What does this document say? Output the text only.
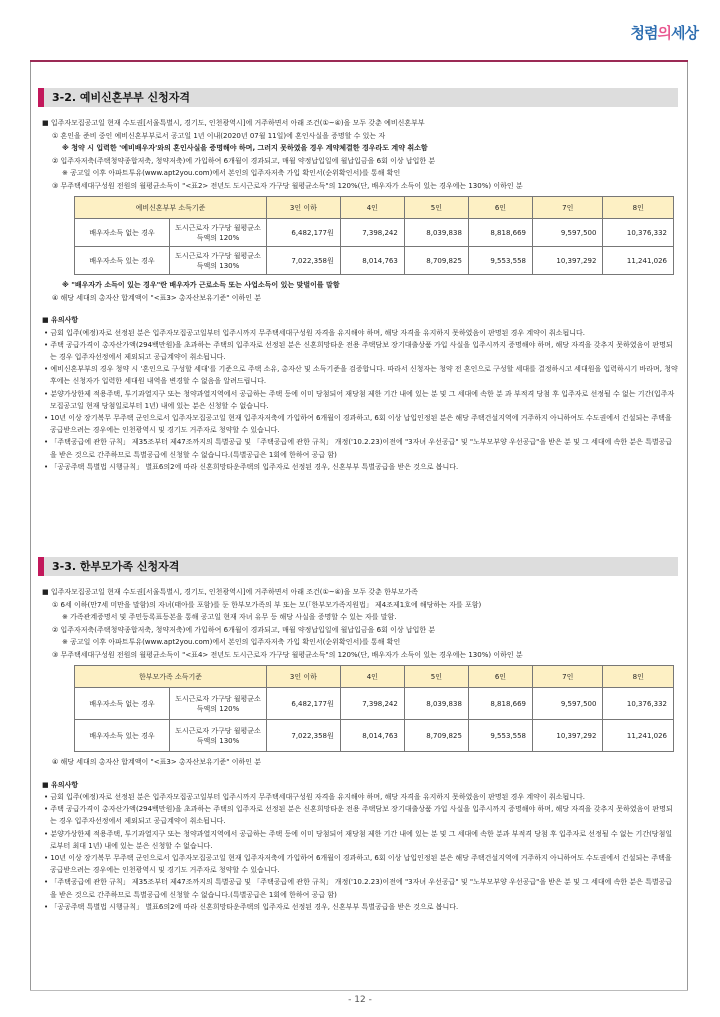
청렴의세상
3-2. 예비신혼부부 신청자격
■ 입주자모집공고일 현재 수도권[서울특별시, 경기도, 인천광역시]에 거주하면서 아래 조건(①~④)을 모두 갖춘 예비신혼부부
① 혼인을 준비 중인 예비신혼부부로서 공고일 1년 이내(2020년 07월 11일)에 혼인사실을 증명할 수 있는 자
※ 청약 시 입력한 '예비배우자'와의 혼인사실을 증명해야 하며, 그러지 못하였을 경우 계약체결한 경우라도 계약 취소함
② 입주자저축(주택청약종합저축, 청약저축)에 가입하여 6개월이 경과되고, 매월 약정납입일에 월납입금을 6회 이상 납입한 분
※ 공고일 이후 아파트투유(www.apt2you.com)에서 본인의 입주자저축 가입 확인서(순위확인서)를 통해 확인
③ 무주택세대구성원 전원의 월평균소득이 "<표2> 전년도 도시근로자 가구당 월평균소득"의 120%(단, 배우자가 소득이 있는 경우에는 130%) 이하인 분
예비신혼부부 소득기준		3인 이하	4인	5인	6인	7인	8인
배우자소득 없는 경우	도시근로자 가구당 월평균소득액의 120%	6,482,177원	7,398,242	8,039,838	8,818,669	9,597,500	10,376,332
배우자소득 있는 경우	도시근로자 가구당 월평균소득액의 130%	7,022,358원	8,014,763	8,709,825	9,553,558	10,397,292	11,241,026
※ "배우자가 소득이 있는 경우"란 배우자가 근로소득 또는 사업소득이 있는 맞벌이를 말함
④ 해당 세대의 총자산 합계액이 "<표3> 총자산보유기준" 이하인 분
■ 유의사항
• 금회 입주(예정)자로 선정된 분은 입주자모집공고일부터 입주시까지 무주택세대구성원 자격을 유지해야 하며, 해당 자격을 유지하지 못하였음이 판명된 경우 계약이 취소됩니다.
• 주택 공급가격이 총자산가액(294백만원)을 초과하는 주택의 입주자로 선정된 분은 신혼희망타운 전용 주택담보 장기대출상품 가입 사실을 입주시까지 증명해야 하며, 해당 자격을 갖추지 못하였음이 판명되는 경우 입주자선정에서 제외되고 공급계약이 취소됩니다.
• 예비신혼부부의 경우 청약 시 '혼인으로 구성할 세대'를 기준으로 주택 소유, 총자산 및 소득기준을 검증합니다. 따라서 신청자는 청약 전 혼인으로 구성할 세대를 결정하시고 세대원을 입력하시기 바라며, 청약 후에는 신청자가 입력한 세대원 내역을 변경할 수 없음을 알려드립니다.
• 분양가상한제 적용주택, 투기과열지구 또는 청약과열지역에서 공급하는 주택 등에 이미 당첨되어 재당첨 제한 기간 내에 있는 분 및 그 세대에 속한 분 과 부적격 당첨 후 입주자로 선정될 수 없는 기간(입주자모집공고일 현재 당첨일로부터 1년) 내에 있는 분은 신청할 수 없습니다.
• 10년 이상 장기복무 무주택 군인으로서 입주자모집공고일 현재 입주자저축에 가입하여 6개월이 경과하고, 6회 이상 납입인정된 분은 해당 주택건설지역에 거주하지 아니하여도 수도권에서 건설되는 주택을 공급받으려는 경우에는 인천광역시 및 경기도 거주자로 청약할 수 있습니다.
• 「주택공급에 관한 규칙」 제35조부터 제47조까지의 특별공급 및 「주택공급에 관한 규칙」 개정('10.2.23)이전에 "3자녀 우선공급" 및 "노부모부양 우선공급"을 받은 분 및 그 세대에 속한 분은 특별공급을 받은 것으로 간주하므로 특별공급에 신청할 수 없습니다.(특별공급은 1회에 한하여 공급 함)
• 「공공주택 특별법 시행규칙」 별표6의2에 따라 신혼희망타운주택의 입주자로 선정된 경우, 신혼부부 특별공급을 받은 것으로 봅니다.
3-3. 한부모가족 신청자격
■ 입주자모집공고일 현재 수도권[서울특별시, 경기도, 인천광역시]에 거주하면서 아래 조건(①~④)을 모두 갖춘 한부모가족
① 6세 이하(만7세 미만을 말함)의 자녀(태아를 포함)를 둔 한부모가족의 부 또는 모(「한부모가족지원법」 제4조제1호에 해당하는 자를 포함)
※ 가족관계증명서 및 주민등록표등본을 통해 공고일 현재 자녀 유무 등 해당 사실을 증명할 수 있는 자를 말함.
② 입주자저축(주택청약종합저축, 청약저축)에 가입하여 6개월이 경과되고, 매월 약정납입일에 월납입금을 6회 이상 납입한 분
※ 공고일 이후 아파트투유(www.apt2you.com)에서 본인의 입주자저축 가입 확인서(순위확인서)를 통해 확인
③ 무주택세대구성원 전원의 월평균소득이 "<표4> 전년도 도시근로자 가구당 월평균소득"의 120%(단, 배우자가 소득이 있는 경우에는 130%) 이하인 분
한부모가족 소득기준		3인 이하	4인	5인	6인	7인	8인
배우자소득 없는 경우	도시근로자 가구당 월평균소득액의 120%	6,482,177원	7,398,242	8,039,838	8,818,669	9,597,500	10,376,332
배우자소득 있는 경우	도시근로자 가구당 월평균소득액의 130%	7,022,358원	8,014,763	8,709,825	9,553,558	10,397,292	11,241,026
④ 해당 세대의 총자산 합계액이 "<표3> 총자산보유기준" 이하인 분
■ 유의사항
• 금회 입주(예정)자로 선정된 분은 입주자모집공고일부터 입주시까지 무주택세대구성원 자격을 유지해야 하며, 해당 자격을 유지하지 못하였음이 판명된 경우 계약이 취소됩니다.
• 주택 공급가격이 총자산가액(294백만원)을 초과하는 주택의 입주자로 선정된 분은 신혼희망타운 전용 주택담보 장기대출상품 가입 사실을 입주시까지 증명해야 하며, 해당 자격을 갖추지 못하였음이 판명되는 경우 입주자선정에서 제외되고 공급계약이 취소됩니다.
• 분양가상한제 적용주택, 투기과열지구 또는 청약과열지역에서 공급하는 주택 등에 이미 당첨되어 재당첨 제한 기간 내에 있는 분 및 그 세대에 속한 분과 부적격 당첨 후 입주자로 선정될 수 없는 기간(당첨일로부터 최대 1년) 내에 있는 분은 신청할 수 없습니다.
• 10년 이상 장기복무 무주택 군인으로서 입주자모집공고일 현재 입주자저축에 가입하여 6개월이 경과하고, 6회 이상 납입인정된 분은 해당 주택건설지역에 거주하지 아니하여도 수도권에서 건설되는 주택을 공급받으려는 경우에는 인천광역시 및 경기도 거주자로 청약할 수 있습니다.
• 「주택공급에 관한 규칙」 제35조부터 제47조까지의 특별공급 및 「주택공급에 관한 규칙」 개정('10.2.23)이전에 "3자녀 우선공급" 및 "노부모부양 우선공급"을 받은 분 및 그 세대에 속한 분은 특별공급을 받은 것으로 간주하므로 특별공급에 신청할 수 없습니다.(특별공급은 1회에 한하여 공급 함)
• 「공공주택 특별법 시행규칙」 별표6의2에 따라 신혼희망타운주택의 입주자로 선정된 경우, 신혼부부 특별공급을 받은 것으로 봅니다.
- 12 -
